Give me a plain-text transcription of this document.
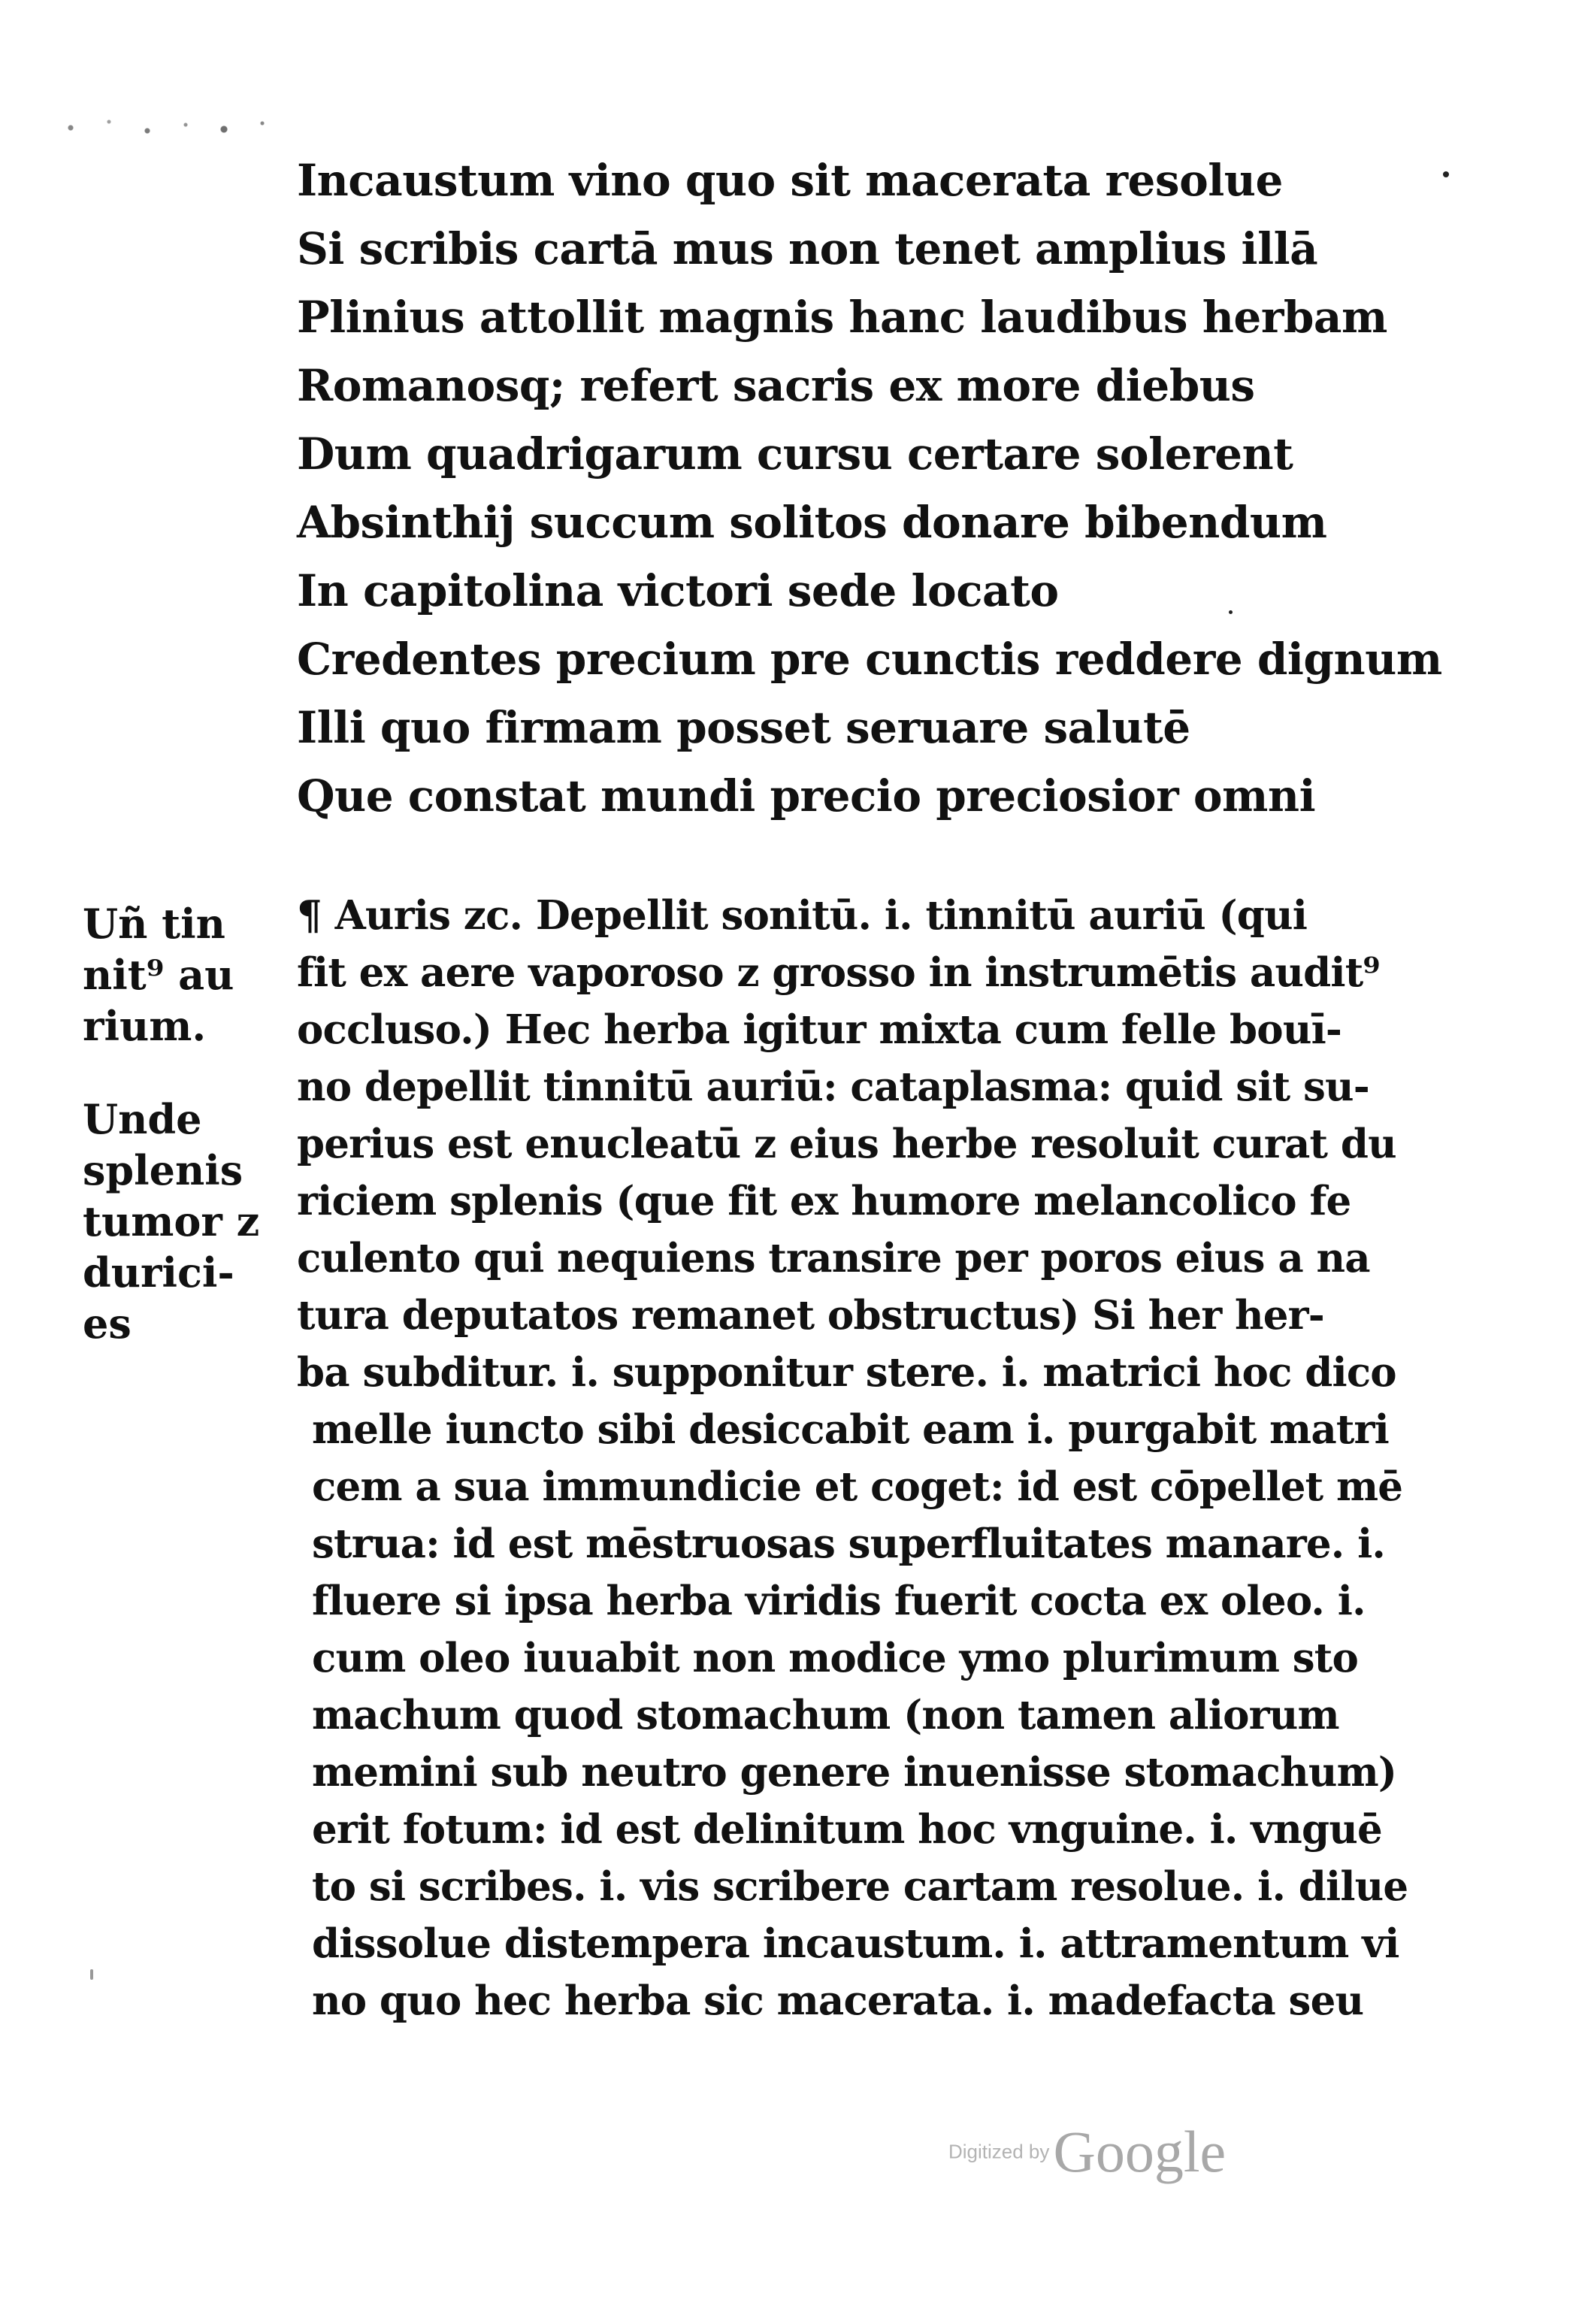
Incaustum vino quo sit macerata resolue
Si scribis cartā mus non tenet amplius illā
Plinius attollit magnis hanc laudibus herbam
Romanosq; refert sacris ex more diebus
Dum quadrigarum cursu certare solerent
Absinthij succum solitos donare bibendum
In capitolina victori sede locato
Credentes precium pre cunctis reddere dignum
Illi quo firmam posset seruare salutē
Que constat mundi precio preciosior omni
Uñ tin
nit⁹ au
rium.
Unde
splenis
tumor z
durici-
es
¶ Auris zc. Depellit sonitū. i. tinnitū auriū (qui
fit ex aere vaporoso z grosso in instrumētis audit⁹
occluso.) Hec herba igitur mixta cum felle bouī-
no depellit tinnitū auriū: cataplasma: quid sit su-
perius est enucleatū z eius herbe resoluit curat du
riciem splenis (que fit ex humore melancolico fe
culento qui nequiens transire per poros eius a na
tura deputatos remanet obstructus) Si her her-
ba subditur. i. supponitur stere. i. matrici hoc dico
melle iuncto sibi desiccabit eam i. purgabit matri
cem a sua immundicie et coget: id est cōpellet mē
strua: id est mēstruosas superfluitates manare. i.
fluere si ipsa herba viridis fuerit cocta ex oleo. i.
cum oleo iuuabit non modice ymo plurimum sto
machum quod stomachum (non tamen aliorum
memini sub neutro genere inuenisse stomachum)
erit fotum: id est delinitum hoc vnguine. i. vnguē
to si scribes. i. vis scribere cartam resolue. i. dilue
dissolue distempera incaustum. i. attramentum vi
no quo hec herba sic macerata. i. madefacta seu
Digitized by Google
